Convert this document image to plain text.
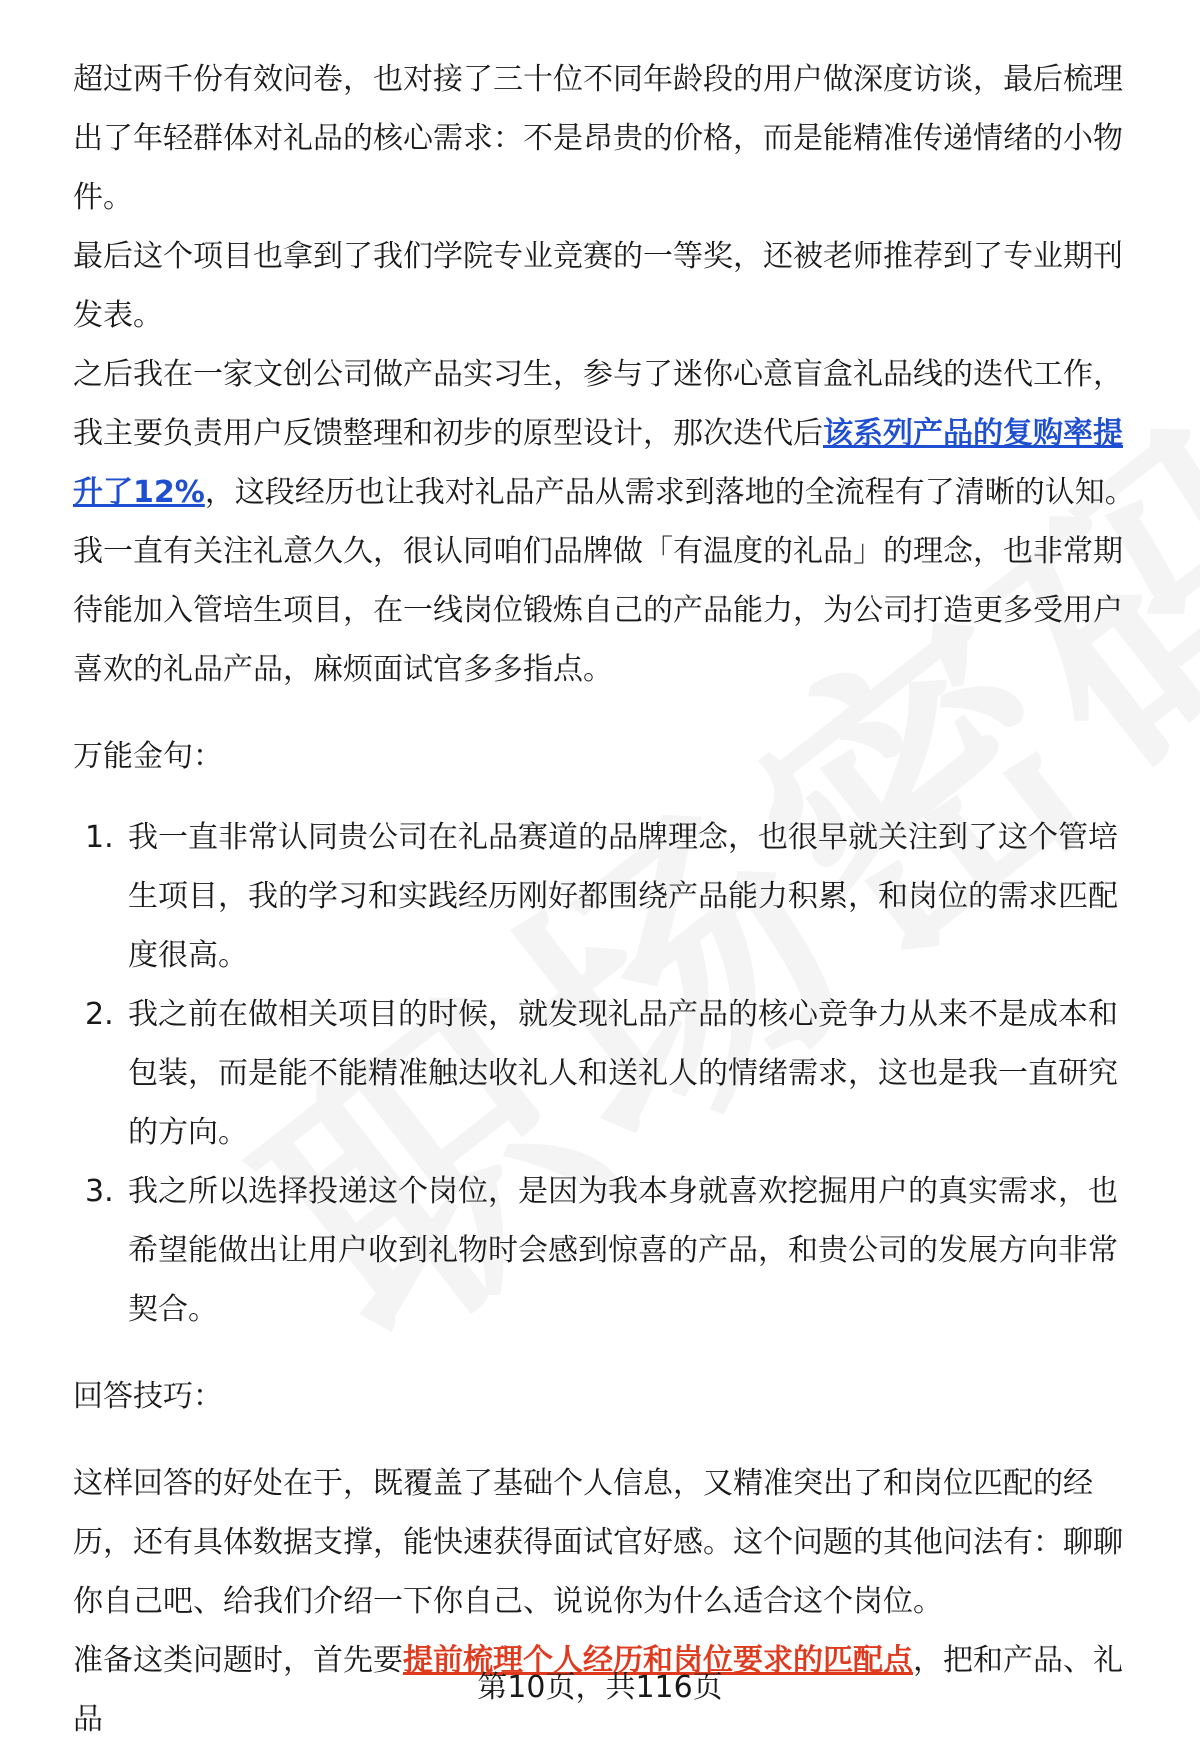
超过两千份有效问卷，也对接了三十位不同年龄段的用户做深度访谈，最后梳理出了年轻群体对礼品的核心需求：不是昂贵的价格，而是能精准传递情绪的小物件。

最后这个项目也拿到了我们学院专业竞赛的一等奖，还被老师推荐到了专业期刊发表。

之后我在一家文创公司做产品实习生，参与了迷你心意盲盒礼品线的迭代工作，我主要负责用户反馈整理和初步的原型设计，那次迭代后该系列产品的复购率提升了12%，这段经历也让我对礼品产品从需求到落地的全流程有了清晰的认知。

我一直有关注礼意久久，很认同咱们品牌做「有温度的礼品」的理念，也非常期待能加入管培生项目，在一线岗位锻炼自己的产品能力，为公司打造更多受用户喜欢的礼品产品，麻烦面试官多多指点。

万能金句：

1. 我一直非常认同贵公司在礼品赛道的品牌理念，也很早就关注到了这个管培生项目，我的学习和实践经历刚好都围绕产品能力积累，和岗位的需求匹配度很高。
2. 我之前在做相关项目的时候，就发现礼品产品的核心竞争力从来不是成本和包装，而是能不能精准触达收礼人和送礼人的情绪需求，这也是我一直研究的方向。
3. 我之所以选择投递这个岗位，是因为我本身就喜欢挖掘用户的真实需求，也希望能做出让用户收到礼物时会感到惊喜的产品，和贵公司的发展方向非常契合。

回答技巧：

这样回答的好处在于，既覆盖了基础个人信息，又精准突出了和岗位匹配的经历，还有具体数据支撑，能快速获得面试官好感。这个问题的其他问法有：聊聊你自己吧、给我们介绍一下你自己、说说你为什么适合这个岗位。

准备这类问题时，首先要提前梳理个人经历和岗位要求的匹配点，把和产品、礼品

第10页，共116页
